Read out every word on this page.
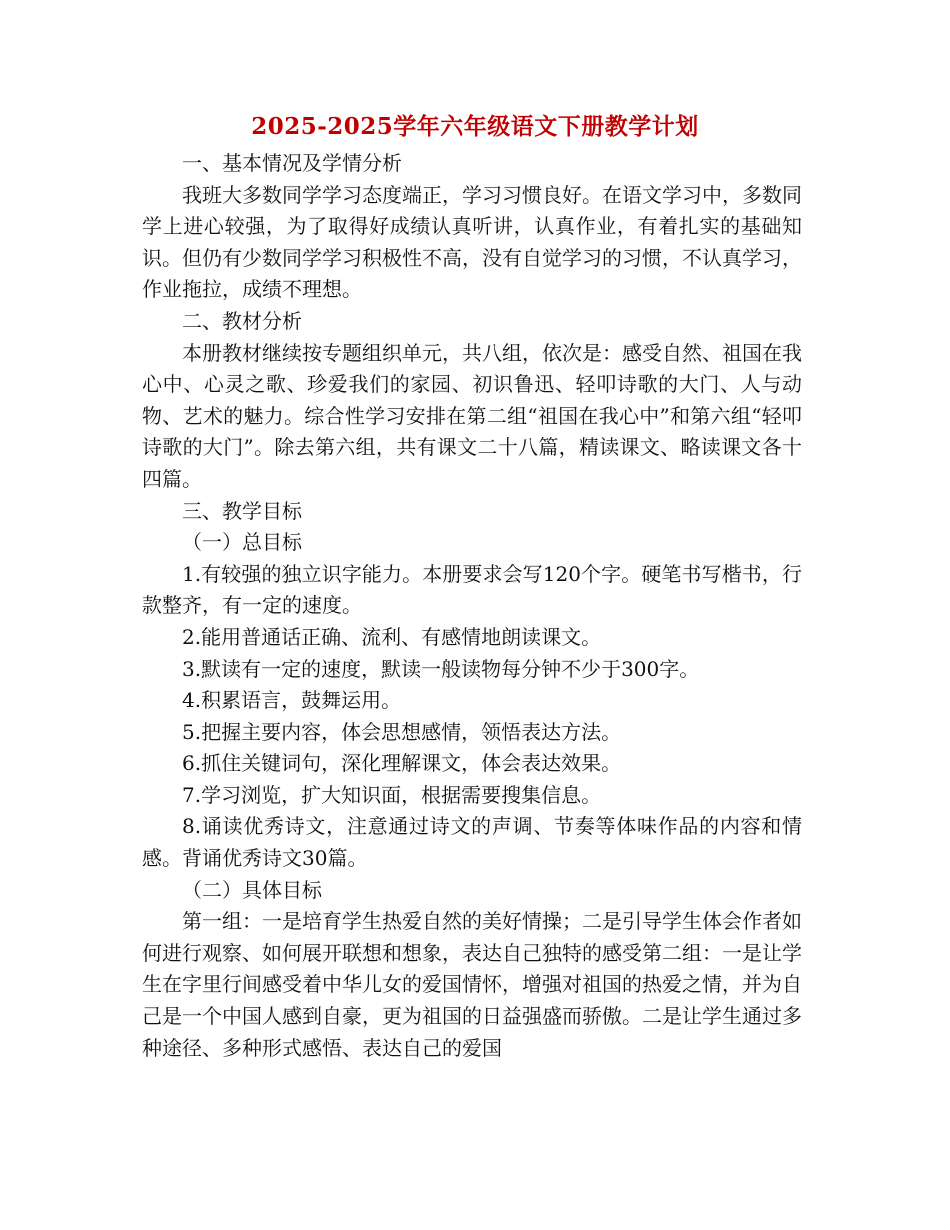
2025-2025学年六年级语文下册教学计划

一、基本情况及学情分析

我班大多数同学学习态度端正，学习习惯良好。在语文学习中，多数同学上进心较强，为了取得好成绩认真听讲，认真作业，有着扎实的基础知识。但仍有少数同学学习积极性不高，没有自觉学习的习惯，不认真学习，作业拖拉，成绩不理想。

二、教材分析

本册教材继续按专题组织单元，共八组，依次是：感受自然、祖国在我心中、心灵之歌、珍爱我们的家园、初识鲁迅、轻叩诗歌的大门、人与动物、艺术的魅力。综合性学习安排在第二组“祖国在我心中”和第六组“轻叩诗歌的大门”。除去第六组，共有课文二十八篇，精读课文、略读课文各十四篇。

三、教学目标

（一）总目标

1.有较强的独立识字能力。本册要求会写120个字。硬笔书写楷书，行款整齐，有一定的速度。

2.能用普通话正确、流利、有感情地朗读课文。

3.默读有一定的速度，默读一般读物每分钟不少于300字。

4.积累语言，鼓舞运用。

5.把握主要内容，体会思想感情，领悟表达方法。

6.抓住关键词句，深化理解课文，体会表达效果。

7.学习浏览，扩大知识面，根据需要搜集信息。

8.诵读优秀诗文，注意通过诗文的声调、节奏等体味作品的内容和情感。背诵优秀诗文30篇。

（二）具体目标

第一组：一是培育学生热爱自然的美好情操；二是引导学生体会作者如何进行观察、如何展开联想和想象，表达自己独特的感受第二组：一是让学生在字里行间感受着中华儿女的爱国情怀，增强对祖国的热爱之情，并为自己是一个中国人感到自豪，更为祖国的日益强盛而骄傲。二是让学生通过多种途径、多种形式感悟、表达自己的爱国
